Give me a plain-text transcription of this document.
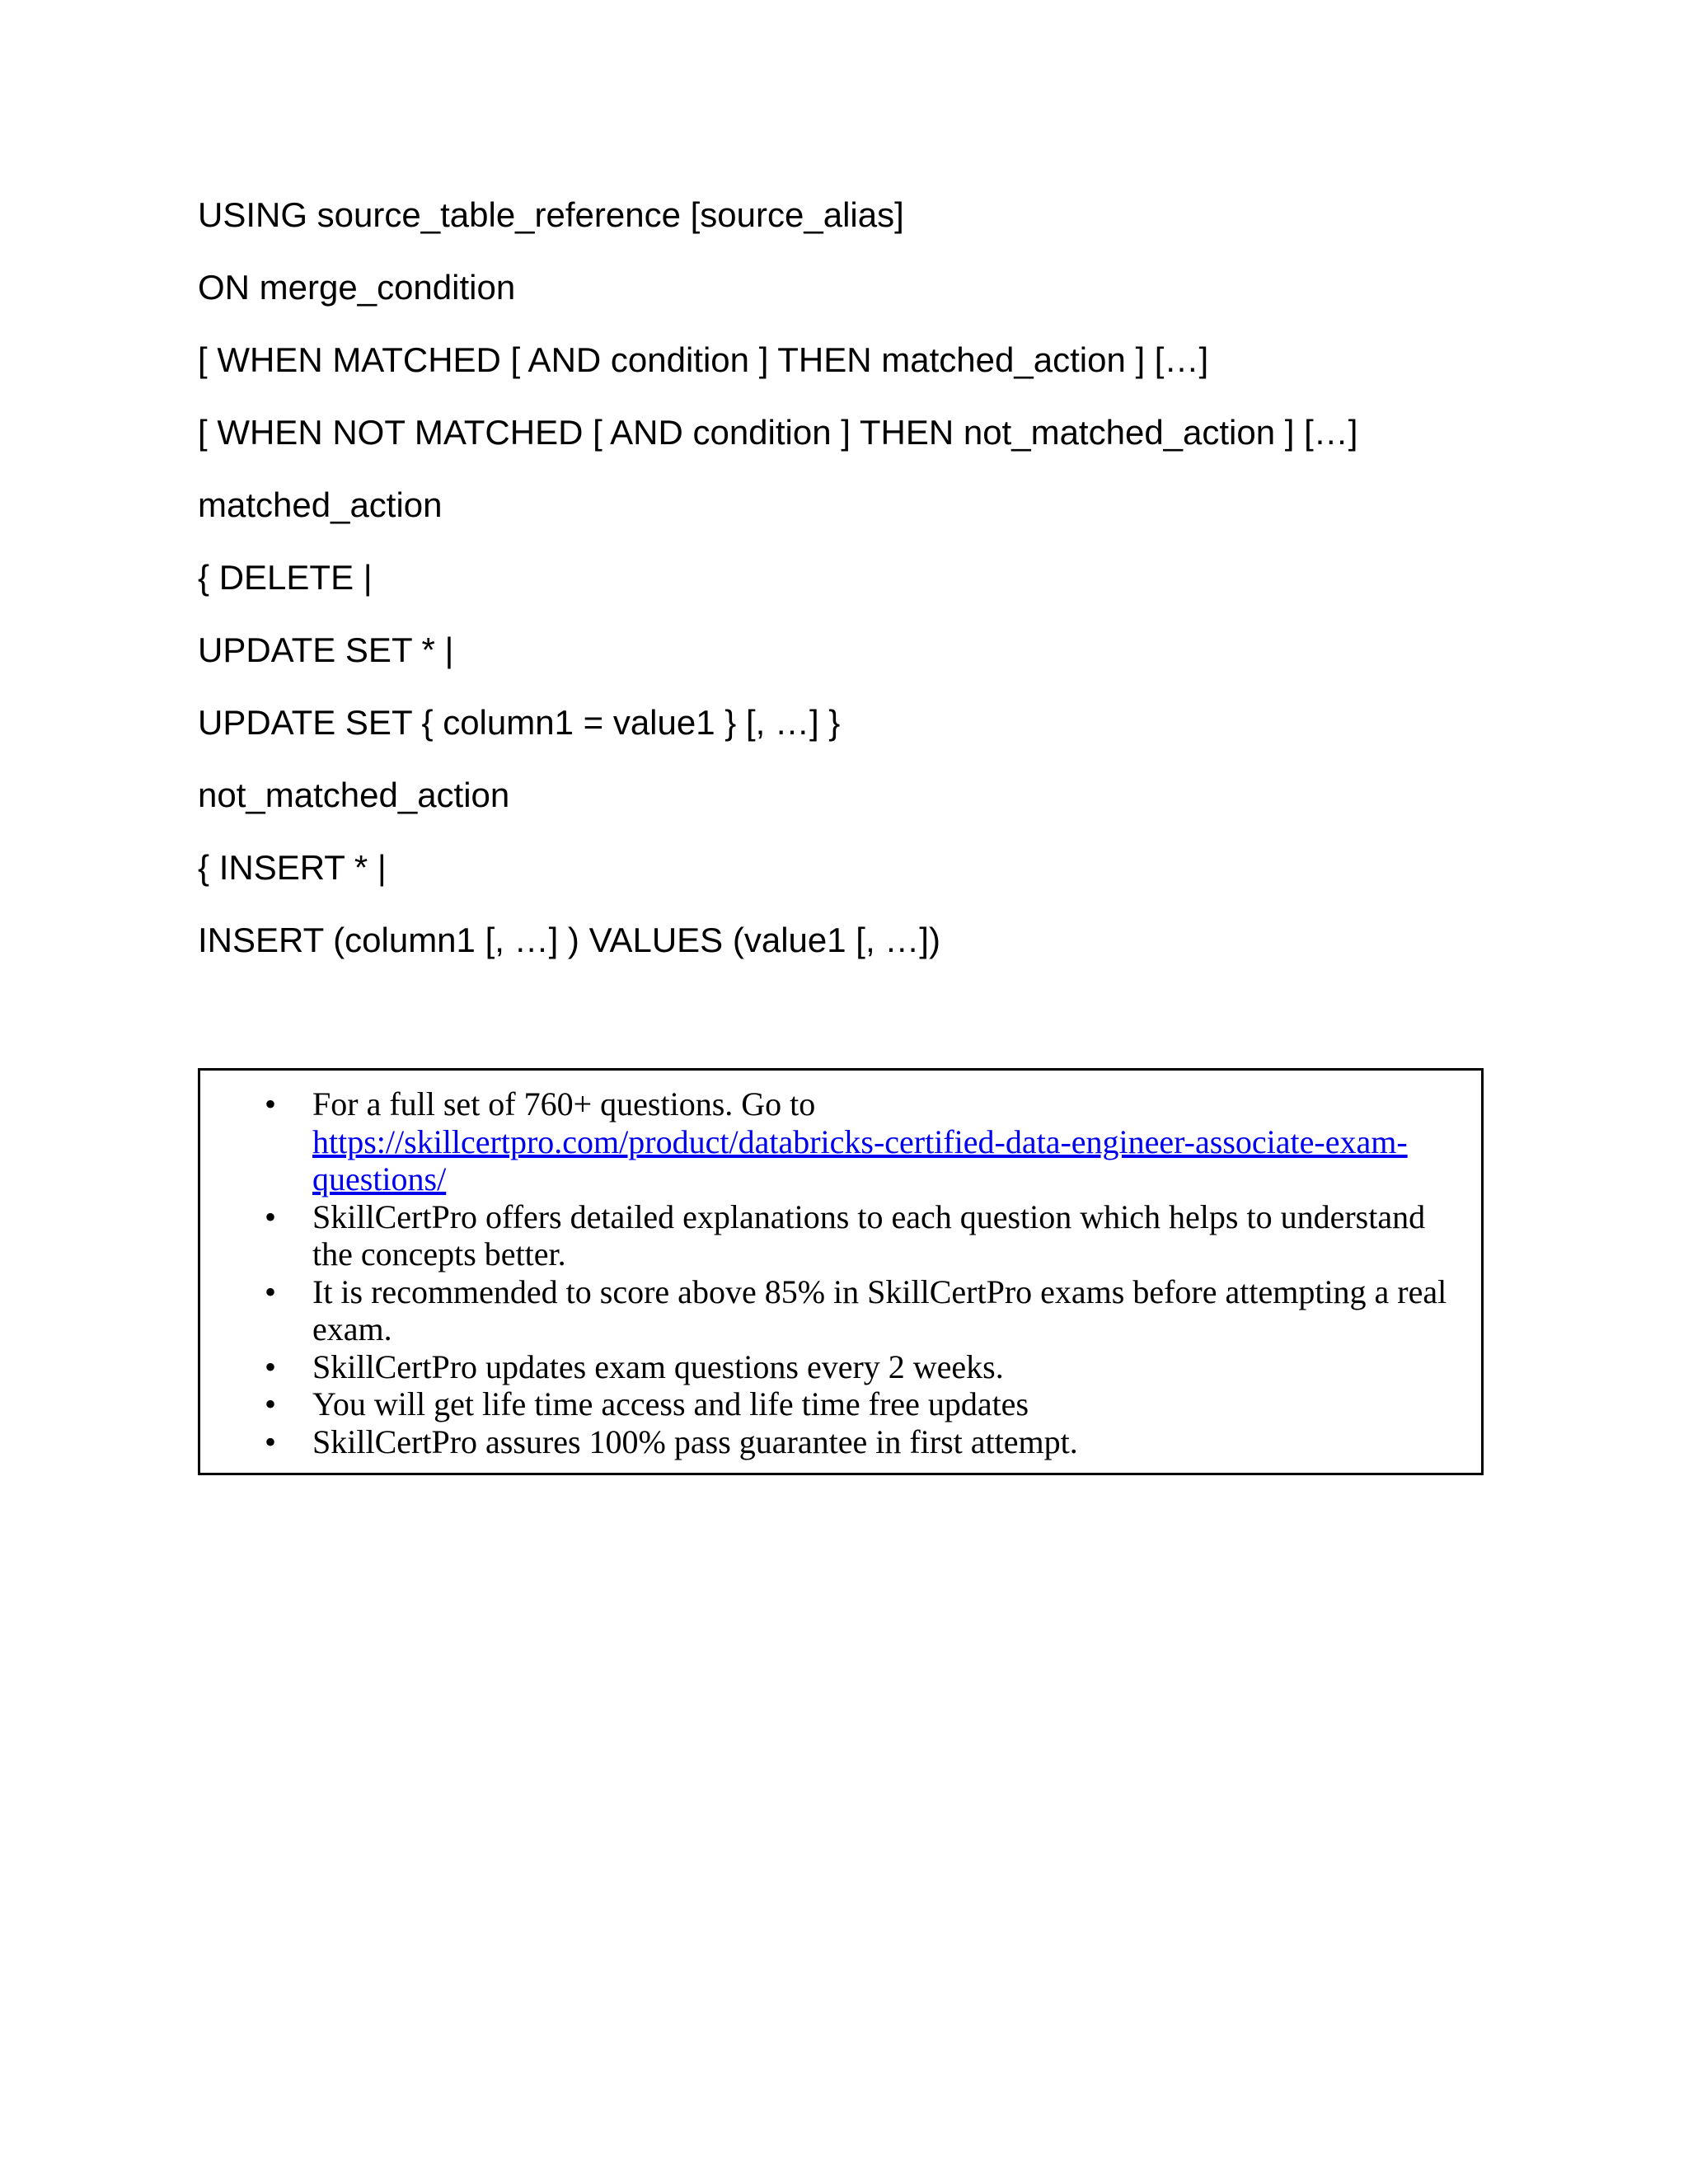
USING source_table_reference [source_alias]
ON merge_condition
[ WHEN MATCHED [ AND condition ] THEN matched_action ] […]
[ WHEN NOT MATCHED [ AND condition ] THEN not_matched_action ] […]
matched_action
{ DELETE |
UPDATE SET * |
UPDATE SET { column1 = value1 } [, …] }
not_matched_action
{ INSERT * |
INSERT (column1 [, …] ) VALUES (value1 [, …])
• For a full set of 760+ questions. Go to
https://skillcertpro.com/product/databricks-certified-data-engineer-associate-exam-questions/
• SkillCertPro offers detailed explanations to each question which helps to understand the concepts better.
• It is recommended to score above 85% in SkillCertPro exams before attempting a real exam.
• SkillCertPro updates exam questions every 2 weeks.
• You will get life time access and life time free updates
• SkillCertPro assures 100% pass guarantee in first attempt.
